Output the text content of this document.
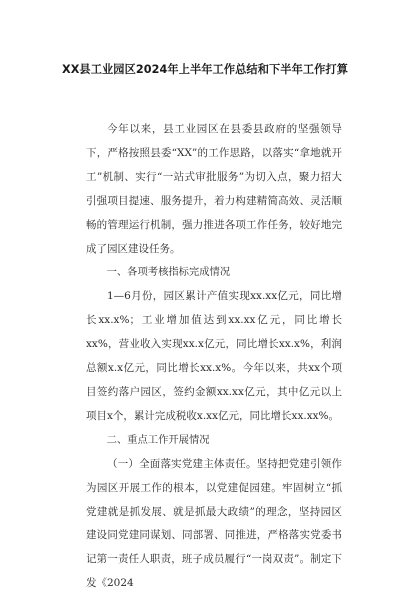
XX县工业园区2024年上半年工作总结和下半年工作打算

今年以来，县工业园区在县委县政府的坚强领导下，严格按照县委“XX”的工作思路，以落实“拿地就开工”机制、实行“一站式审批服务”为切入点，聚力招大引强项目提速、服务提升，着力构建精简高效、灵活顺畅的管理运行机制，强力推进各项工作任务，较好地完成了园区建设任务。

一、各项考核指标完成情况

1—6月份，园区累计产值实现xx.xx亿元，同比增长xx.x%；工业增加值达到xx.xx亿元，同比增长xx%，营业收入实现xx.x亿元，同比增长xx.x%，利润总额x.x亿元，同比增长xx.x%。今年以来，共xx个项目签约落户园区，签约金额xx.xx亿元，其中亿元以上项目x个，累计完成税收x.xx亿元，同比增长xx.xx%。

二、重点工作开展情况

（一）全面落实党建主体责任。坚持把党建引领作为园区开展工作的根本，以党建促园建。牢固树立“抓党建就是抓发展、就是抓最大政绩”的理念，坚持园区建设同党建同谋划、同部署、同推进，严格落实党委书记第一责任人职责，班子成员履行“一岗双责”。制定下发《2024
